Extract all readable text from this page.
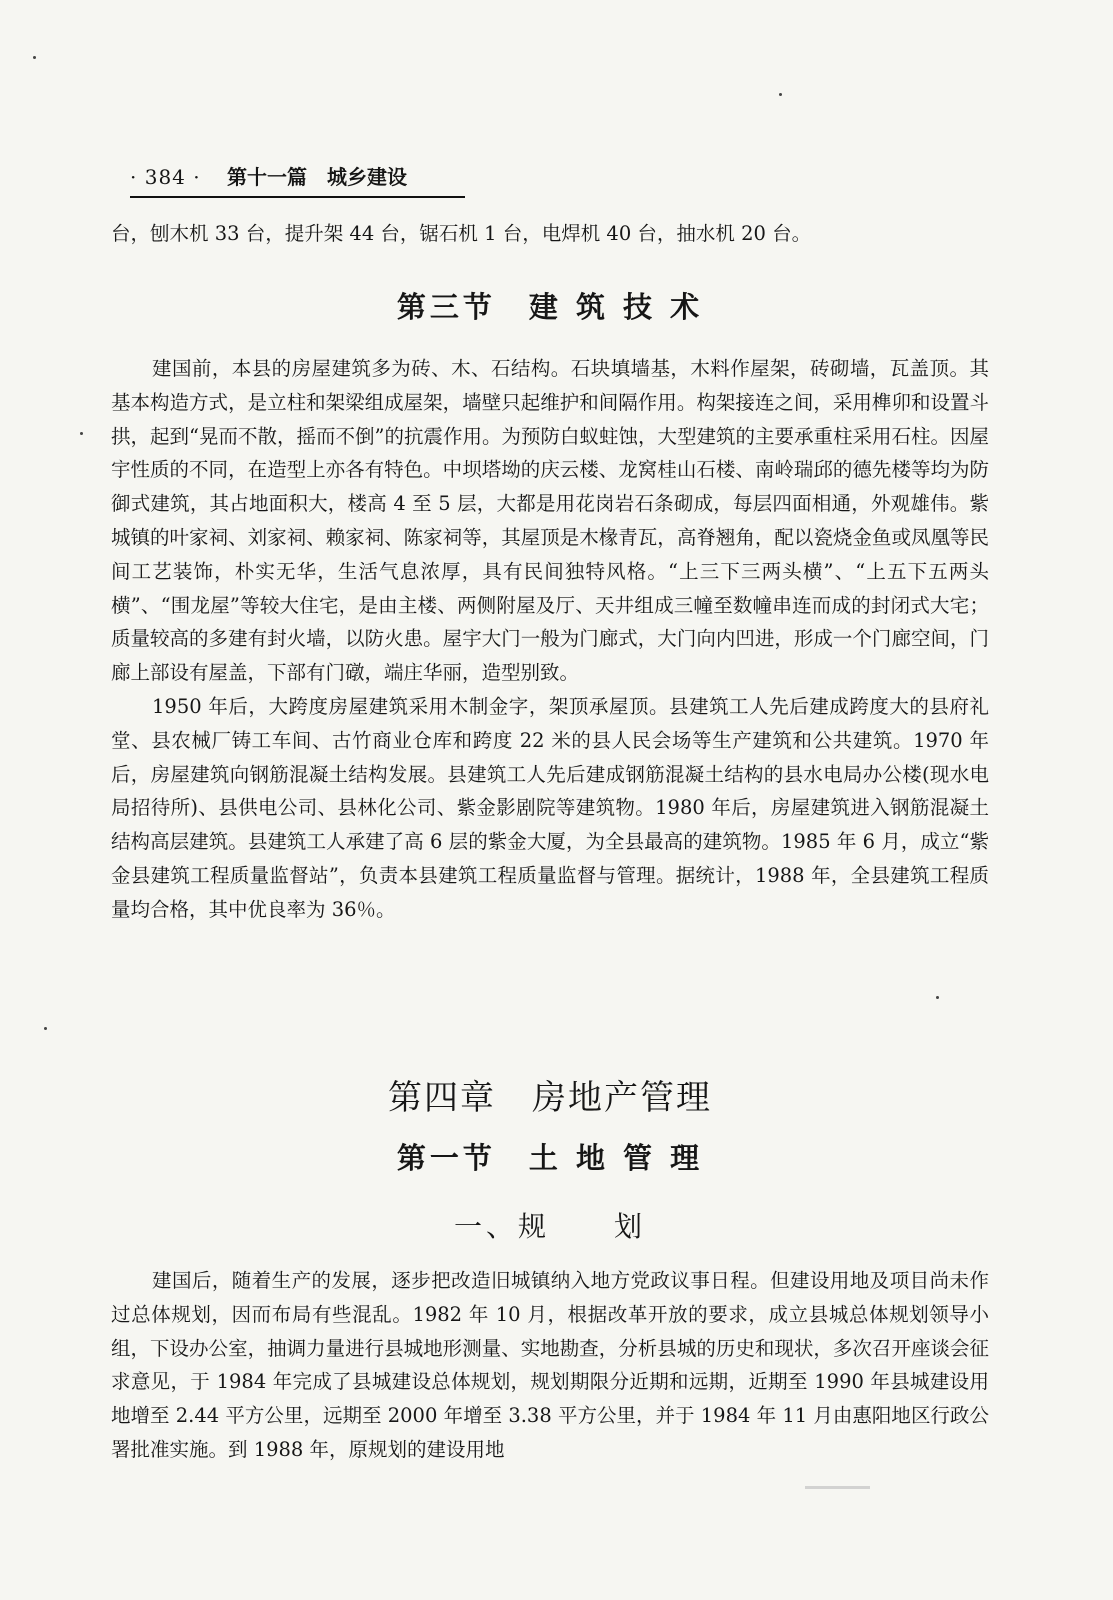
· 384 · 第十一篇　城乡建设

台，刨木机 33 台，提升架 44 台，锯石机 1 台，电焊机 40 台，抽水机 20 台。

第三节　建 筑 技 术

建国前，本县的房屋建筑多为砖、木、石结构。石块填墙基，木料作屋架，砖砌墙，瓦盖顶。其基本构造方式，是立柱和架梁组成屋架，墙壁只起维护和间隔作用。构架接连之间，采用榫卯和设置斗拱，起到“晃而不散，摇而不倒”的抗震作用。为预防白蚁蛀蚀，大型建筑的主要承重柱采用石柱。因屋宇性质的不同，在造型上亦各有特色。中坝塔坳的庆云楼、龙窝桂山石楼、南岭瑞邱的德先楼等均为防御式建筑，其占地面积大，楼高 4 至 5 层，大都是用花岗岩石条砌成，每层四面相通，外观雄伟。紫城镇的叶家祠、刘家祠、赖家祠、陈家祠等，其屋顶是木椽青瓦，高脊翘角，配以瓷烧金鱼或凤凰等民间工艺装饰，朴实无华，生活气息浓厚，具有民间独特风格。“上三下三两头横”、“上五下五两头横”、“围龙屋”等较大住宅，是由主楼、两侧附屋及厅、天井组成三幢至数幢串连而成的封闭式大宅；质量较高的多建有封火墙，以防火患。屋宇大门一般为门廊式，大门向内凹进，形成一个门廊空间，门廊上部设有屋盖，下部有门礅，端庄华丽，造型别致。

1950 年后，大跨度房屋建筑采用木制金字，架顶承屋顶。县建筑工人先后建成跨度大的县府礼堂、县农械厂铸工车间、古竹商业仓库和跨度 22 米的县人民会场等生产建筑和公共建筑。1970 年后，房屋建筑向钢筋混凝土结构发展。县建筑工人先后建成钢筋混凝土结构的县水电局办公楼(现水电局招待所)、县供电公司、县林化公司、紫金影剧院等建筑物。1980 年后，房屋建筑进入钢筋混凝土结构高层建筑。县建筑工人承建了高 6 层的紫金大厦，为全县最高的建筑物。1985 年 6 月，成立“紫金县建筑工程质量监督站”，负责本县建筑工程质量监督与管理。据统计，1988 年，全县建筑工程质量均合格，其中优良率为 36％。

第四章　房地产管理
第一节　土 地 管 理
一、规　　划

建国后，随着生产的发展，逐步把改造旧城镇纳入地方党政议事日程。但建设用地及项目尚未作过总体规划，因而布局有些混乱。1982 年 10 月，根据改革开放的要求，成立县城总体规划领导小组，下设办公室，抽调力量进行县城地形测量、实地勘查，分析县城的历史和现状，多次召开座谈会征求意见，于 1984 年完成了县城建设总体规划，规划期限分近期和远期，近期至 1990 年县城建设用地增至 2.44 平方公里，远期至 2000 年增至 3.38 平方公里，并于 1984 年 11 月由惠阳地区行政公署批准实施。到 1988 年，原规划的建设用地
